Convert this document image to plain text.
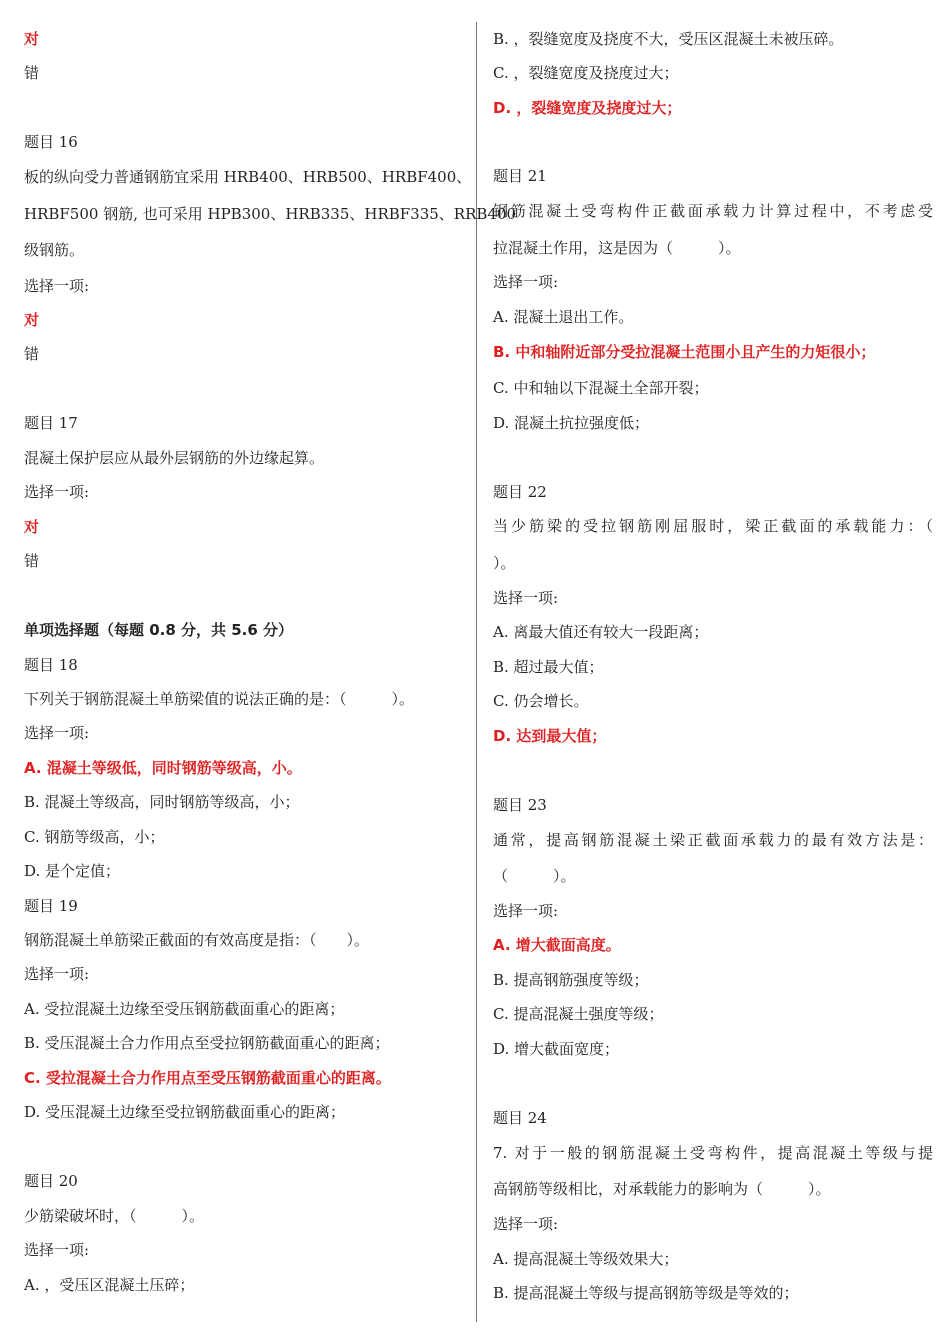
对
错
题目 16
板的纵向受力普通钢筋宜采用 HRB400、HRB500、HRBF400、
HRBF500 钢筋, 也可采用 HPB300、HRB335、HRBF335、RRB400
级钢筋。
选择一项:
对
错
题目 17
混凝土保护层应从最外层钢筋的外边缘起算。
选择一项:
对
错
单项选择题（每题 0.8 分，共 5.6 分）
题目 18
下列关于钢筋混凝土单筋梁值的说法正确的是：（　　　）。
选择一项:
A. 混凝土等级低，同时钢筋等级高，小。
B. 混凝土等级高，同时钢筋等级高，小；
C. 钢筋等级高，小；
D. 是个定值；
题目 19
钢筋混凝土单筋梁正截面的有效高度是指：（　　）。
选择一项:
A. 受拉混凝土边缘至受压钢筋截面重心的距离；
B. 受压混凝土合力作用点至受拉钢筋截面重心的距离；
C. 受拉混凝土合力作用点至受压钢筋截面重心的距离。
D. 受压混凝土边缘至受拉钢筋截面重心的距离；
题目 20
少筋梁破坏时，（　　　）。
选择一项:
A. ，受压区混凝土压碎；
B. ，裂缝宽度及挠度不大，受压区混凝土未被压碎。
C. ，裂缝宽度及挠度过大；
D. ，裂缝宽度及挠度过大；
题目 21
钢筋混凝土受弯构件正截面承载力计算过程中，不考虑受
拉混凝土作用，这是因为（　　　）。
选择一项:
A. 混凝土退出工作。
B. 中和轴附近部分受拉混凝土范围小且产生的力矩很小；
C. 中和轴以下混凝土全部开裂；
D. 混凝土抗拉强度低；
题目 22
当少筋梁的受拉钢筋刚屈服时，梁正截面的承载能力：（
）。
选择一项:
A. 离最大值还有较大一段距离；
B. 超过最大值；
C. 仍会增长。
D. 达到最大值；
题目 23
通常，提高钢筋混凝土梁正截面承载力的最有效方法是：
（　　　）。
选择一项:
A. 增大截面高度。
B. 提高钢筋强度等级；
C. 提高混凝土强度等级；
D. 增大截面宽度；
题目 24
7. 对于一般的钢筋混凝土受弯构件，提高混凝土等级与提
高钢筋等级相比，对承载能力的影响为（　　　）。
选择一项:
A. 提高混凝土等级效果大；
B. 提高混凝土等级与提高钢筋等级是等效的；
